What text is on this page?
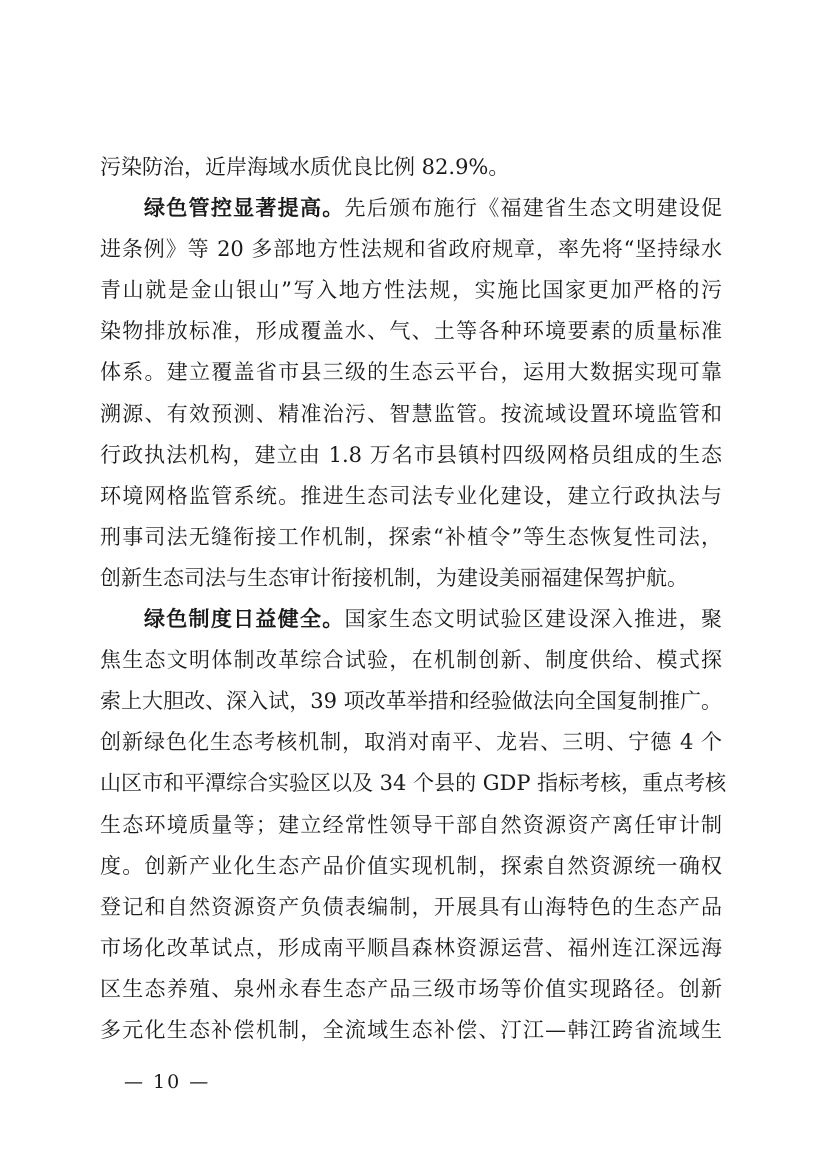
污染防治，近岸海域水质优良比例 82.9%。
绿色管控显著提高。先后颁布施行《福建省生态文明建设促
进条例》等 20 多部地方性法规和省政府规章，率先将“坚持绿水
青山就是金山银山”写入地方性法规，实施比国家更加严格的污
染物排放标准，形成覆盖水、气、土等各种环境要素的质量标准
体系。建立覆盖省市县三级的生态云平台，运用大数据实现可靠
溯源、有效预测、精准治污、智慧监管。按流域设置环境监管和
行政执法机构，建立由 1.8 万名市县镇村四级网格员组成的生态
环境网格监管系统。推进生态司法专业化建设，建立行政执法与
刑事司法无缝衔接工作机制，探索“补植令”等生态恢复性司法，
创新生态司法与生态审计衔接机制，为建设美丽福建保驾护航。
绿色制度日益健全。国家生态文明试验区建设深入推进，聚
焦生态文明体制改革综合试验，在机制创新、制度供给、模式探
索上大胆改、深入试，39 项改革举措和经验做法向全国复制推广。
创新绿色化生态考核机制，取消对南平、龙岩、三明、宁德 4 个
山区市和平潭综合实验区以及 34 个县的 GDP 指标考核，重点考核
生态环境质量等；建立经常性领导干部自然资源资产离任审计制
度。创新产业化生态产品价值实现机制，探索自然资源统一确权
登记和自然资源资产负债表编制，开展具有山海特色的生态产品
市场化改革试点，形成南平顺昌森林资源运营、福州连江深远海
区生态养殖、泉州永春生态产品三级市场等价值实现路径。创新
多元化生态补偿机制，全流域生态补偿、汀江—韩江跨省流域生
— 10 —
